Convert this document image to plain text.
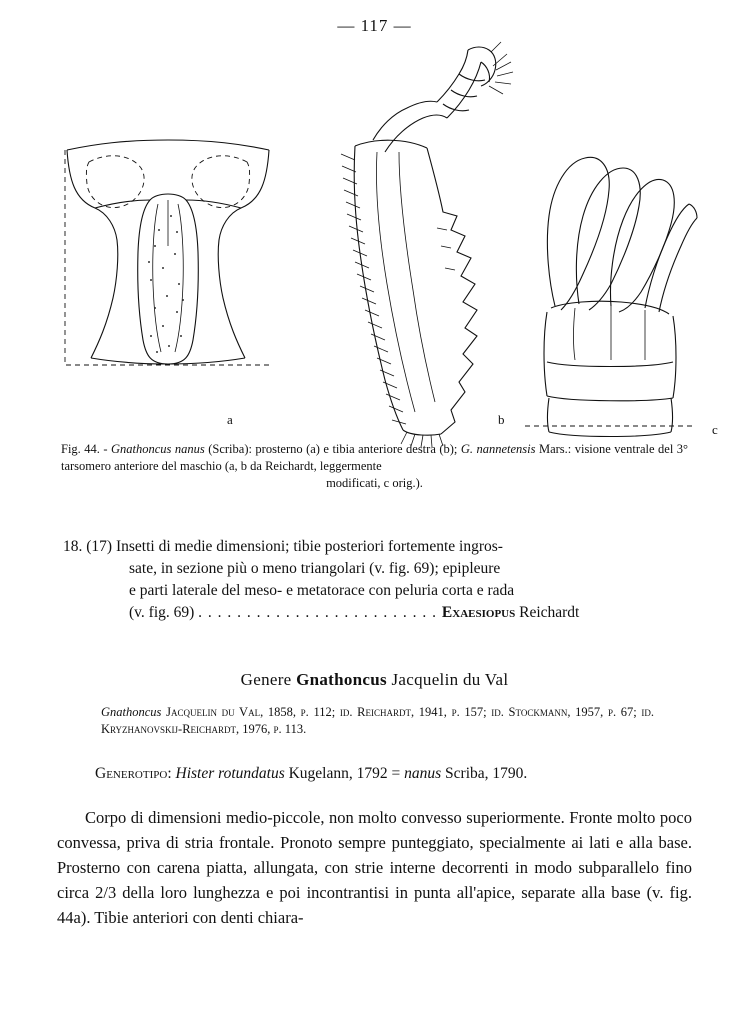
— 117 —
a	b
c
Fig. 44. - Gnathoncus nanus (Scriba): prosterno (a) e tibia anteriore destra (b); G. nannetensis Mars.: visione ventrale del 3° tarsomero anteriore del maschio (a, b da Reichardt, leggermente
modificati, c orig.).
18. (17) Insetti di medie dimensioni; tibie posteriori fortemente ingros-
sate, in sezione più o meno triangolari (v. fig. 69); epipleure
e parti laterale del meso- e metatorace con peluria corta e rada
(v. fig. 69) . . . . . . . . . . . . . . . . . . . . . . . . . Exaesiopus Reichardt
Genere Gnathoncus Jacquelin du Val
Gnathoncus Jacquelin du Val, 1858, p. 112; id. Reichardt, 1941, p. 157; id. Stockmann, 1957, p. 67; id. Kryzhanovskij-Reichardt, 1976, p. 113.
Generotipo: Hister rotundatus Kugelann, 1792 = nanus Scriba, 1790.
Corpo di dimensioni medio-piccole, non molto convesso superiormente. Fronte molto poco convessa, priva di stria frontale. Pronoto sempre punteggiato, specialmente ai lati e alla base. Prosterno con carena piatta, allungata, con strie interne decorrenti in modo subparallelo fino circa 2/3 della loro lunghezza e poi incontrantisi in punta all'apice, separate alla base (v. fig. 44a). Tibie anteriori con denti chiara-
